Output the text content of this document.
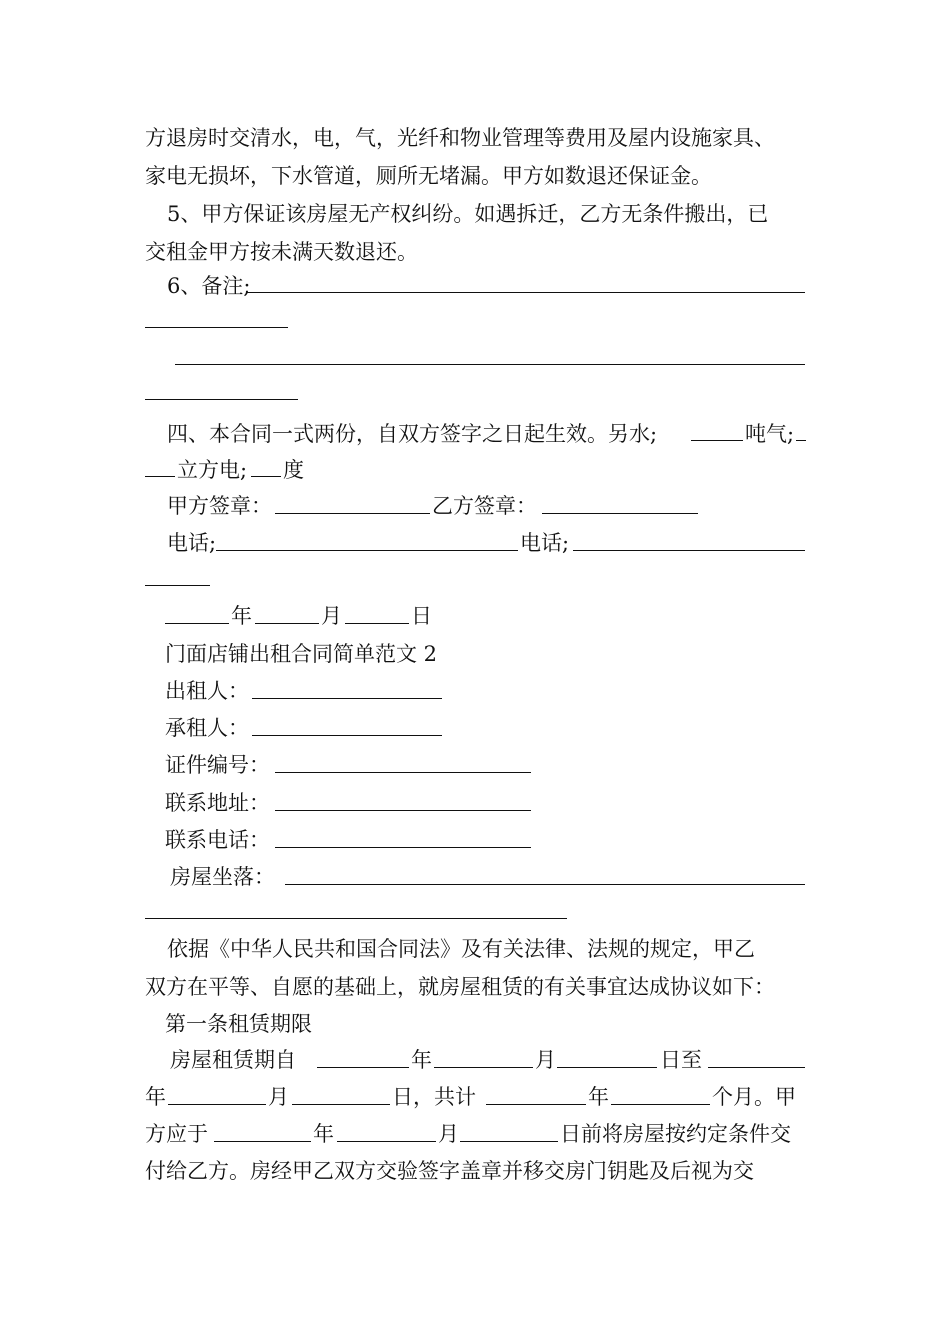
方退房时交清水，电，气，光纤和物业管理等费用及屋内设施家具、
家电无损坏，下水管道，厕所无堵漏。甲方如数退还保证金。
5、甲方保证该房屋无产权纠纷。如遇拆迁，乙方无条件搬出，已
交租金甲方按未满天数退还。
6、备注;
四、本合同一式两份，自双方签字之日起生效。另水;	吨气;
立方电; 度
甲方签章：	乙方签章：
电话;	电话;
年	月	日
门面店铺出租合同简单范文 2
出租人：
承租人：
证件编号：
联系地址：
联系电话：
房屋坐落：
依据《中华人民共和国合同法》及有关法律、法规的规定，甲乙
双方在平等、自愿的基础上，就房屋租赁的有关事宜达成协议如下：
第一条租赁期限
房屋租赁期自	年	月	日至
年	月	日，共计	年	个月。甲
方应于	年	月	日前将房屋按约定条件交
付给乙方。房经甲乙双方交验签字盖章并移交房门钥匙及后视为交
